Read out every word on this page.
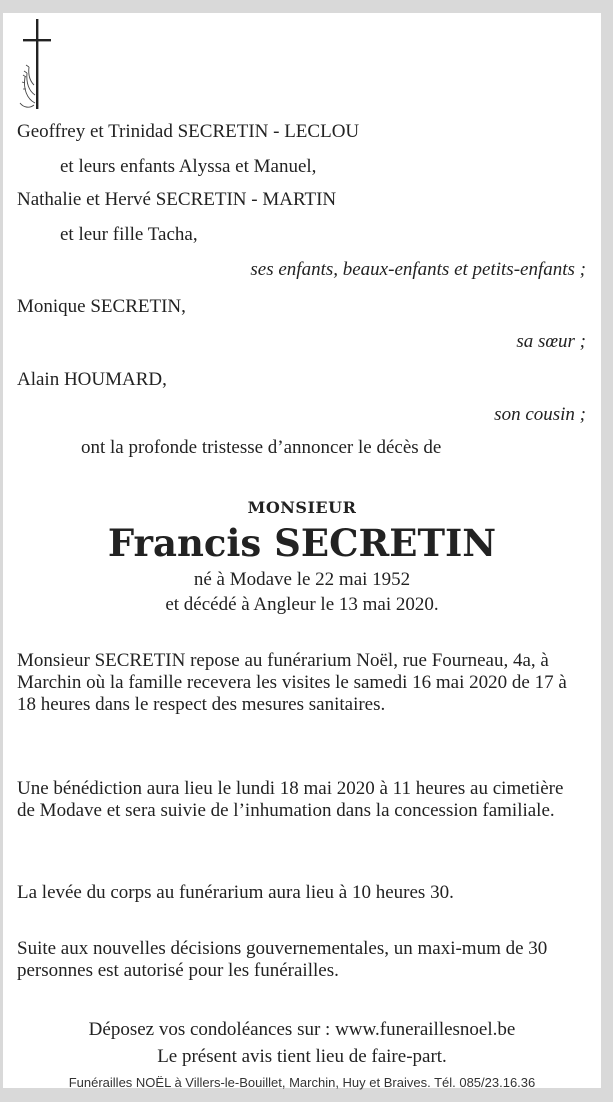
Geoffrey et Trinidad SECRETIN - LECLOU
et leurs enfants Alyssa et Manuel,
Nathalie et Hervé SECRETIN - MARTIN
et leur fille Tacha,
ses enfants, beaux-enfants et petits-enfants ;
Monique SECRETIN,
sa sœur ;
Alain HOUMARD,
son cousin ;
ont la profonde tristesse d’annoncer le décès de
MONSIEUR
Francis SECRETIN
né à Modave le 22 mai 1952
et décédé à Angleur le 13 mai 2020.
Monsieur SECRETIN repose au funérarium Noël, rue Fourneau, 4a, à Marchin où la famille recevera les visites le samedi 16 mai 2020 de 17 à 18 heures dans le respect des mesures sanitaires.
Une bénédiction aura lieu le lundi 18 mai 2020 à 11 heures au cimetière de Modave et sera suivie de l’inhumation dans la concession familiale.
La levée du corps au funérarium aura lieu à 10 heures 30.
Suite aux nouvelles décisions gouvernementales, un maxi-mum de 30 personnes est autorisé pour les funérailles.
Déposez vos condoléances sur : www.funeraillesnoel.be
Le présent avis tient lieu de faire-part.
Funérailles NOËL à Villers-le-Bouillet, Marchin, Huy et Braives. Tél. 085/23.16.36
